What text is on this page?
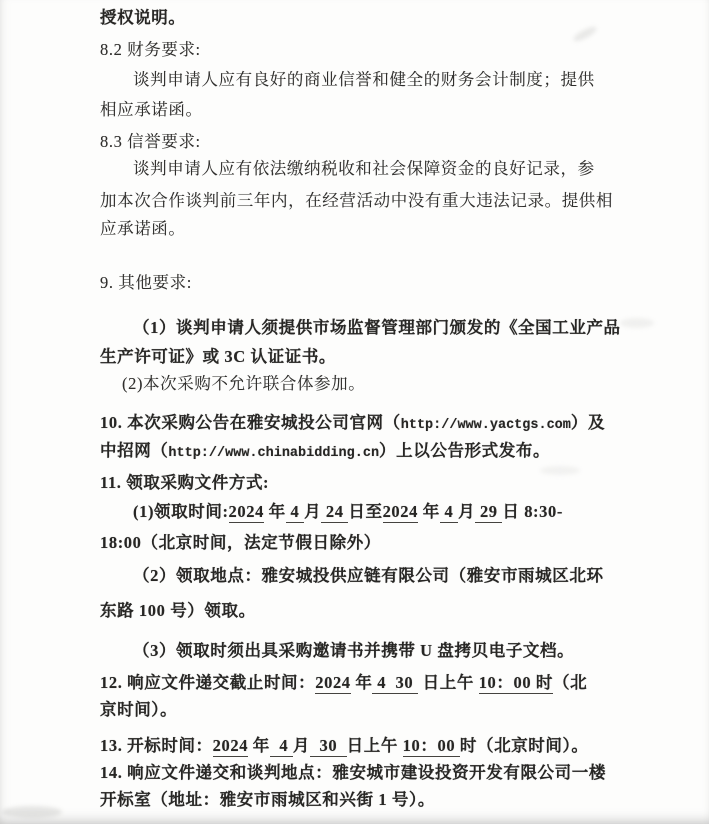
授权说明。

8.2 财务要求:

谈判申请人应有良好的商业信誉和健全的财务会计制度；提供

相应承诺函。

8.3 信誉要求:

谈判申请人应有依法缴纳税收和社会保障资金的良好记录，参

加本次合作谈判前三年内，在经营活动中没有重大违法记录。提供相

应承诺函。

9. 其他要求:

（1）谈判申请人须提供市场监督管理部门颁发的《全国工业产品

生产许可证》或 3C 认证证书。

(2)本次采购不允许联合体参加。

10. 本次采购公告在雅安城投公司官网（http://www.yactgs.com）及

中招网（http://www.chinabidding.cn）上以公告形式发布。

11. 领取采购文件方式:

(1)领取时间:2024 年 4 月 24 日至2024 年 4 月 29 日 8:30-

18:00（北京时间，法定节假日除外）

（2）领取地点：雅安城投供应链有限公司（雅安市雨城区北环

东路 100 号）领取。

（3）领取时须出具采购邀请书并携带 U 盘拷贝电子文档。

12. 响应文件递交截止时间：2024 年 4  30  日上午 10：00 时（北

京时间）。

13. 开标时间：2024 年  4 月  30  日上午 10：00 时（北京时间）。

14. 响应文件递交和谈判地点：雅安城市建设投资开发有限公司一楼

开标室（地址：雅安市雨城区和兴街 1 号）。
